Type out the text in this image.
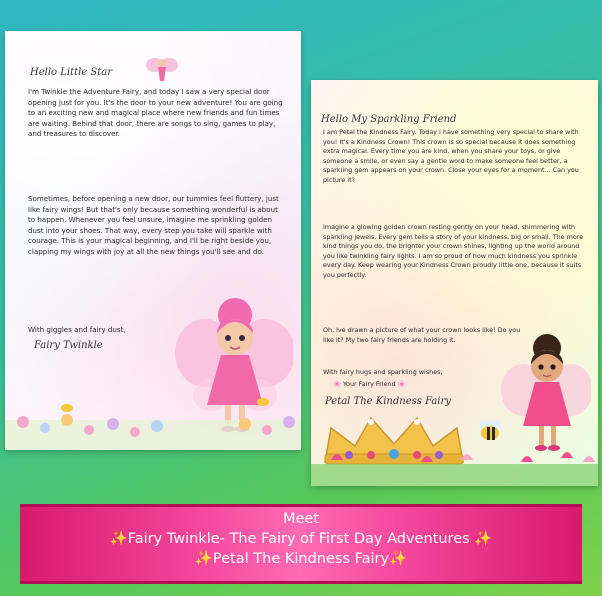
Hello Little Star

I'm Twinkle the Adventure Fairy, and today I saw a very special door opening just for you. It's the door to your new adventure! You are going to an exciting new and magical place where new friends and fun times are waiting. Behind that door, there are songs to sing, games to play, and treasures to discover.

Sometimes, before opening a new door, our tummies feel fluttery, just like fairy wings! But that's only because something wonderful is about to happen. Whenever you feel unsure, imagine me sprinkling golden dust into your shoes. That way, every step you take will sparkle with courage. This is your magical beginning, and I'll be right beside you, clapping my wings with joy at all the new things you'll see and do.

With giggles and fairy dust,

Fairy Twinkle
Hello My Sparkling Friend

I am Petal the Kindness Fairy. Today I have something very special to share with you! It's a Kindness Crown! This crown is so special because it does something extra magical. Every time you are kind, when you share your toys, or give someone a smile, or even say a gentle word to make someone feel better, a sparkling gem appears on your crown. Close your eyes for a moment... Can you picture it?

Imagine a glowing golden crown resting gently on your head, shimmering with sparkling jewels. Every gem tells a story of your kindness, big or small. The more kind things you do, the brighter your crown shines, lighting up the world around you like twinkling fairy lights. I am so proud of how much kindness you sprinkle every day. Keep wearing your Kindness Crown proudly little one, because it suits you perfectly.

Oh, Ive drawn a picture of what your crown looks like! Do you like it? My two fairy friends are holding it.

With fairy hugs and sparkling wishes,

🌸 Your Fairy Friend 🌸

Petal The Kindness Fairy
Meet
✨Fairy Twinkle- The Fairy of First Day Adventures ✨
✨Petal The Kindness Fairy✨
